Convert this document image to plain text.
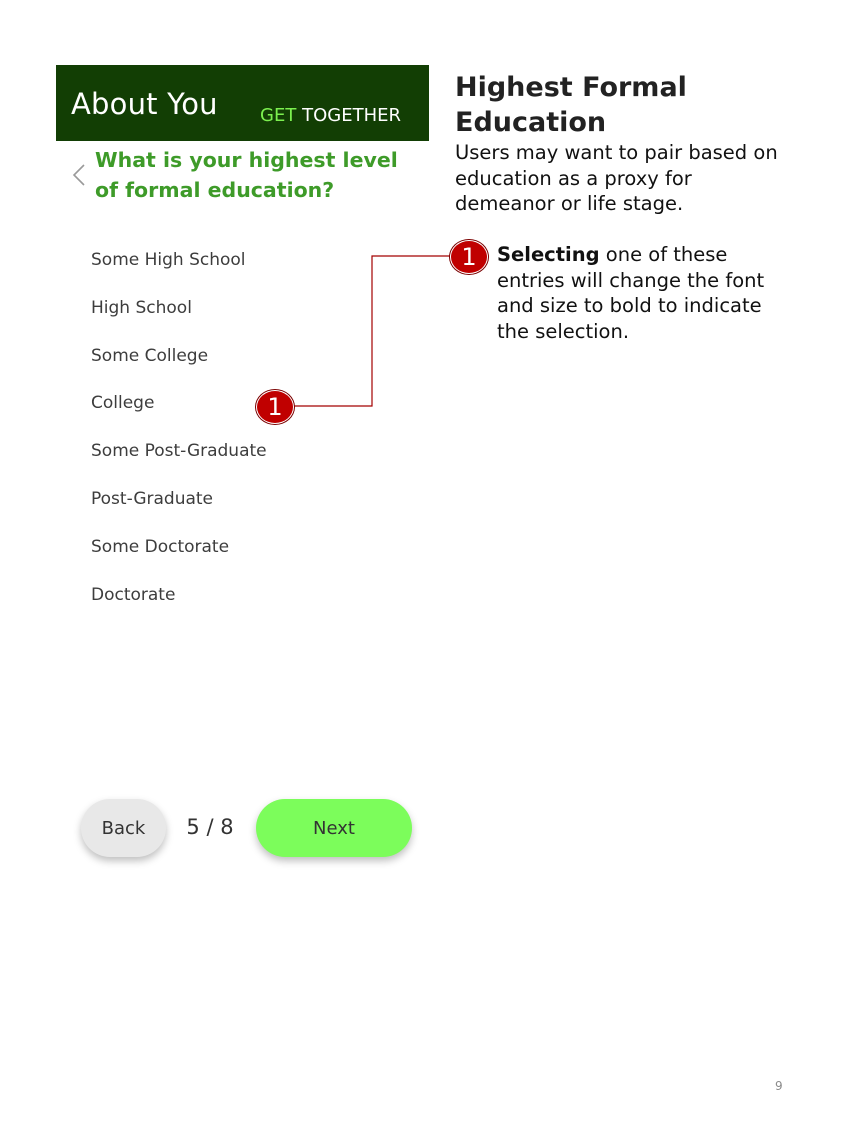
About You GET TOGETHER
What is your highest level of formal education?
Some High School
High School
Some College
College
Some Post-Graduate
Post-Graduate
Some Doctorate
Doctorate
Back	5 / 8	Next
Highest Formal Education
Users may want to pair based on education as a proxy for demeanor or life stage.
1
1
Selecting one of these entries will change the font and size to bold to indicate the selection.
9
